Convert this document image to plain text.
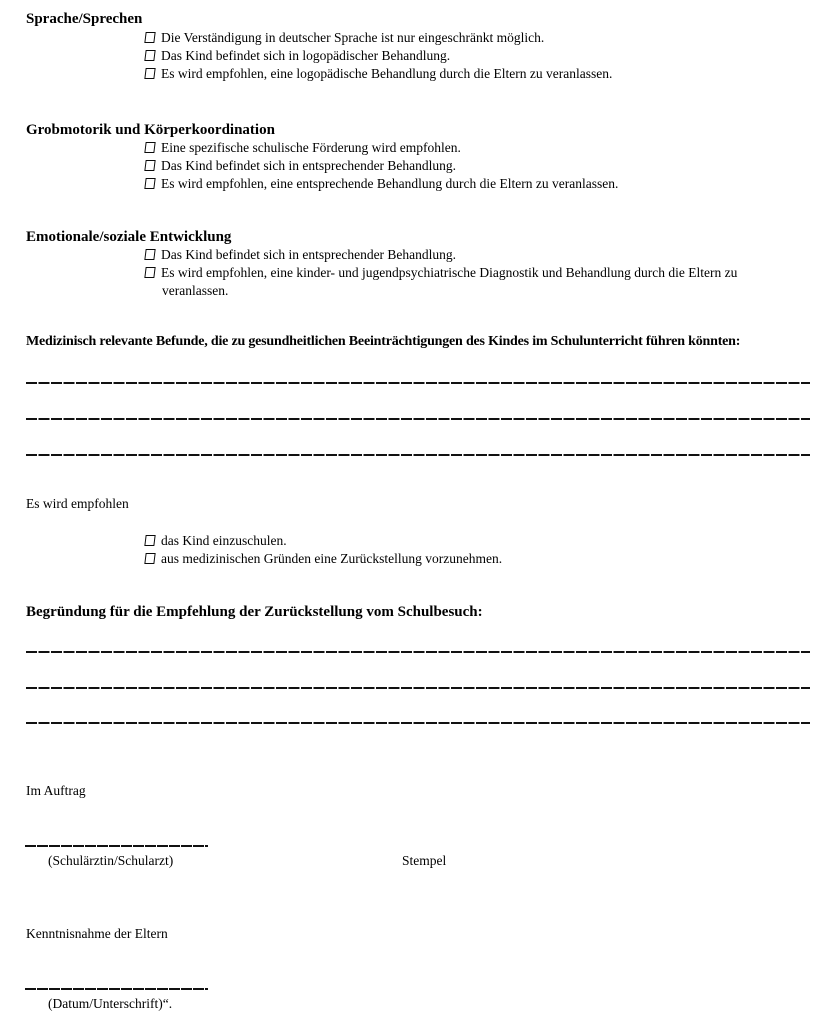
Sprache/Sprechen
Die Verständigung in deutscher Sprache ist nur eingeschränkt möglich.
Das Kind befindet sich in logopädischer Behandlung.
Es wird empfohlen, eine logopädische Behandlung durch die Eltern zu veranlassen.
Grobmotorik und Körperkoordination
Eine spezifische schulische Förderung wird empfohlen.
Das Kind befindet sich in entsprechender Behandlung.
Es wird empfohlen, eine entsprechende Behandlung durch die Eltern zu veranlassen.
Emotionale/soziale Entwicklung
Das Kind befindet sich in entsprechender Behandlung.
Es wird empfohlen, eine kinder- und jugendpsychiatrische Diagnostik und Behandlung durch die Eltern zu veranlassen.
Medizinisch relevante Befunde, die zu gesundheitlichen Beeinträchtigungen des Kindes im Schulunterricht führen könnten:
Es wird empfohlen
das Kind einzuschulen.
aus medizinischen Gründen eine Zurückstellung vorzunehmen.
Begründung für die Empfehlung der Zurückstellung vom Schulbesuch:
Im Auftrag
(Schulärztin/Schularzt)	Stempel
Kenntnisnahme der Eltern
(Datum/Unterschrift)“.
